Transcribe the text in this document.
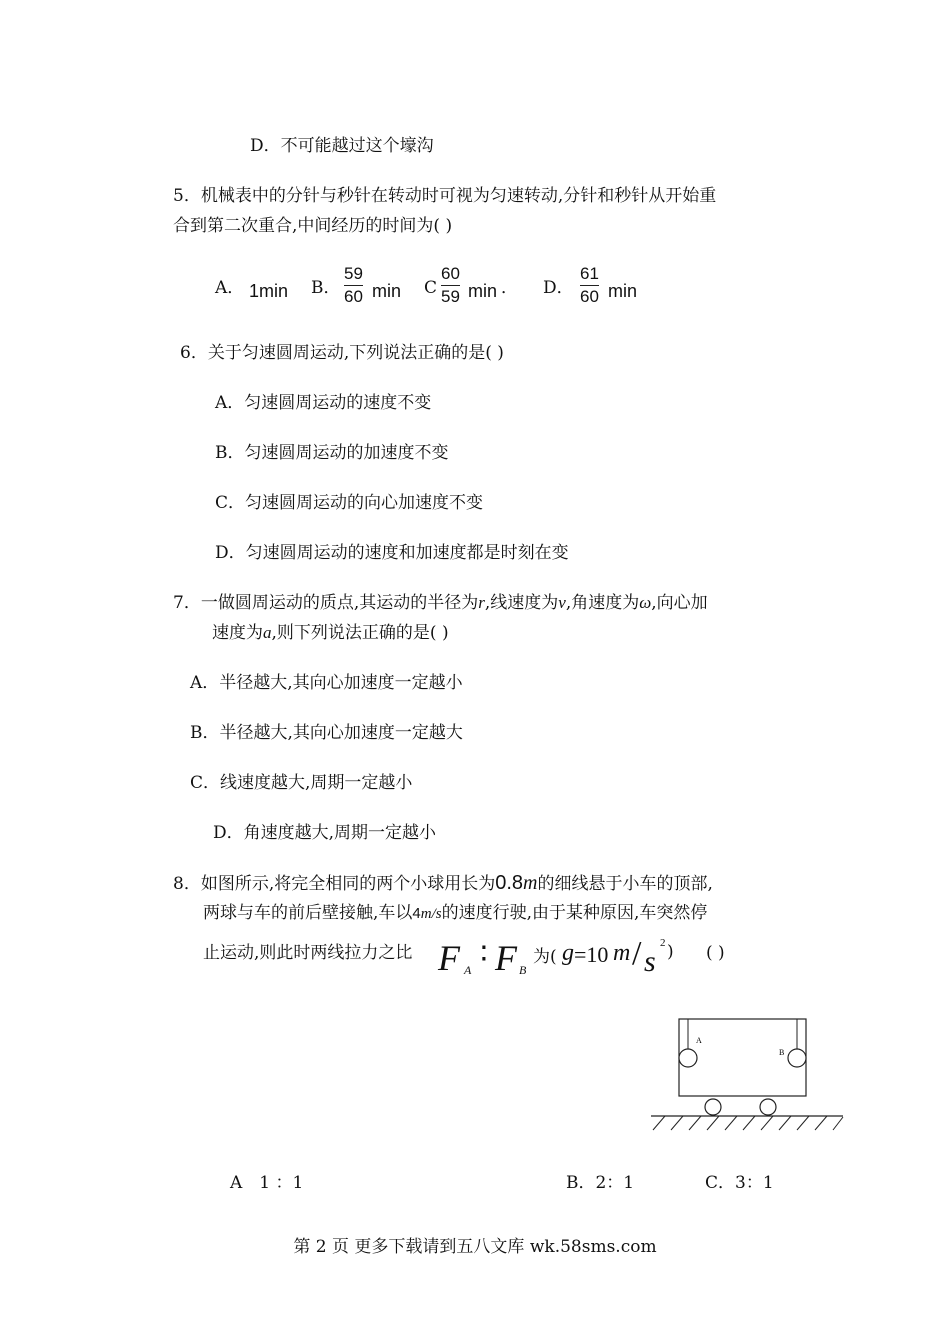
D．不可能越过这个壕沟
5．机械表中的分针与秒针在转动时可视为匀速转动,分针和秒针从开始重
合到第二次重合,中间经历的时间为( )
A． 1min B．
59
60 min C
60
59 min ． D．
61
60 min
6．关于匀速圆周运动,下列说法正确的是( )
A．匀速圆周运动的速度不变
B．匀速圆周运动的加速度不变
C．匀速圆周运动的向心加速度不变
D．匀速圆周运动的速度和加速度都是时刻在变
7．一做圆周运动的质点,其运动的半径为r,线速度为v,角速度为ω,向心加
速度为a,则下列说法正确的是( )
A．半径越大,其向心加速度一定越小
B．半径越大,其向心加速度一定越大
C．线速度越大,周期一定越小
D．角速度越大,周期一定越小
8．如图所示,将完全相同的两个小球用长为0.8m的细线悬于小车的顶部,
两球与车的前后壁接触,车以4m/s的速度行驶,由于某种原因,车突然停
止运动,则此时两线拉力之比 F A ∶ F B
为( g =10 m / s
2 ) ( )
A
B
A　1 ：1	B．2：1	C．3：1
第 2 页 更多下载请到五八文库 wk.58sms.com
